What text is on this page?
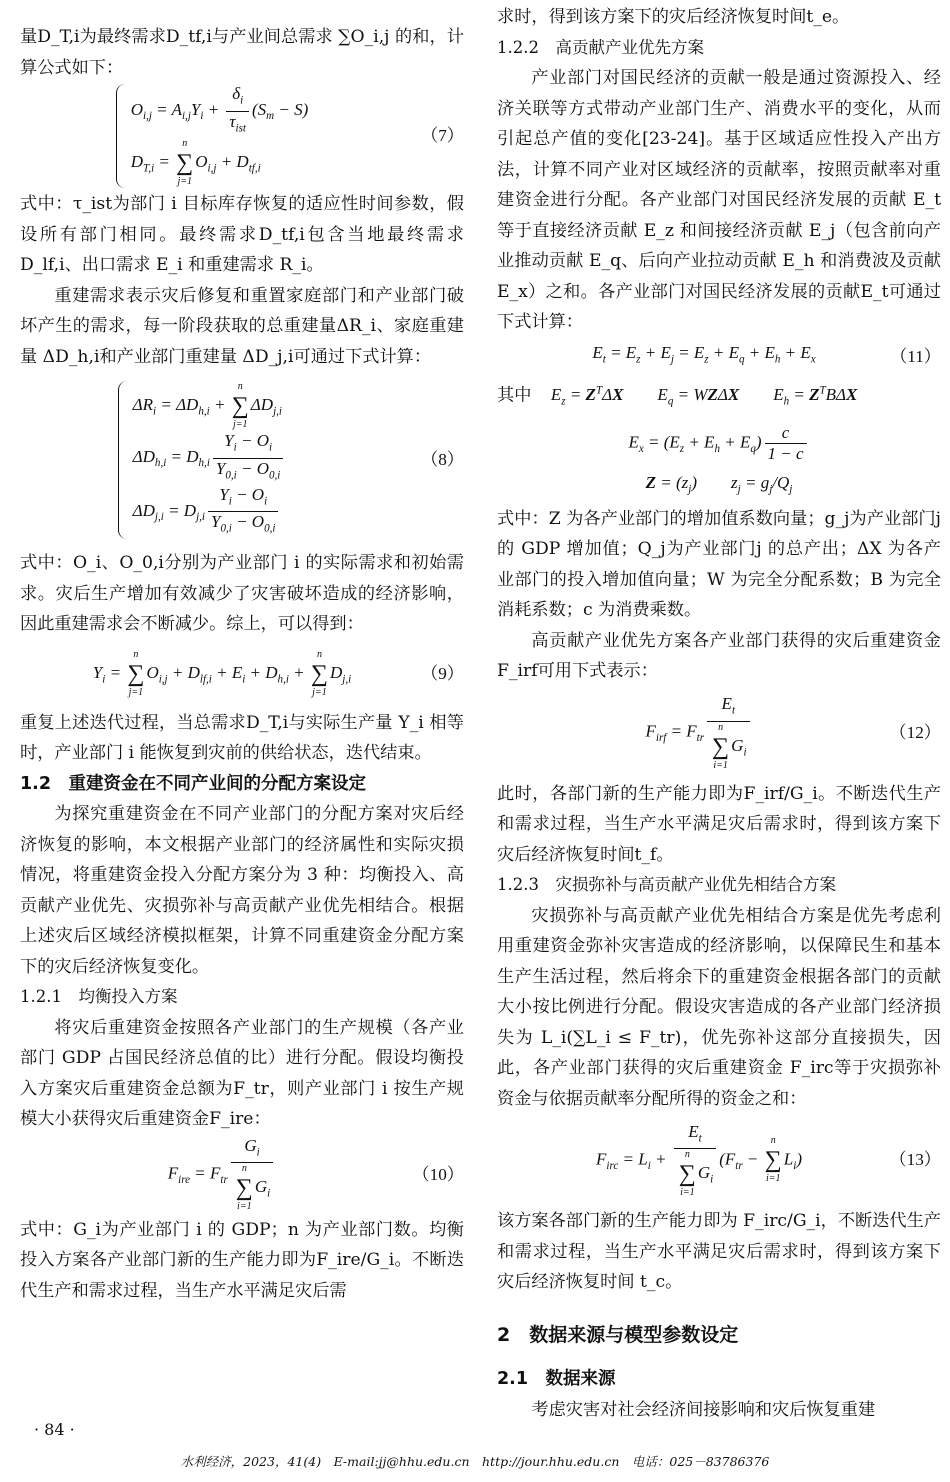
量D_T,i为最终需求D_tf,i与产业间总需求 ∑O_i,j 的和，计算公式如下：

$O_{i,j} = A_{i,j}Y_i + \frac{\delta_i}{\tau_{ist}} (S_m - S)$
$D_{T,i}$ =
n
∑
j=1
$O_{i,j} + D_{tf,i}$
（7）

式中：τ_ist为部门 i 目标库存恢复的适应性时间参数，假设所有部门相同。最终需求D_tf,i包含当地最终需求D_lf,i、出口需求 E_i 和重建需求 R_i。

重建需求表示灾后修复和重置家庭部门和产业部门破坏产生的需求，每一阶段获取的总重建量ΔR_i、家庭重建量 ΔD_h,i和产业部门重建量 ΔD_j,i可通过下式计算：

$\Delta R_i = \Delta D_{h,i}$ +
n
∑
j=1
$\Delta D_{j,i}$
$\Delta D_{h,i} = D_{h,i} \frac{Y_i - O_i}{Y_{0,i} - O_{0,i}}$
$\Delta D_{j,i} = D_{j,i} \frac{Y_i - O_i}{Y_{0,i} - O_{0,i}}$
（8）

式中：O_i、O_0,i分别为产业部门 i 的实际需求和初始需求。灾后生产增加有效减少了灾害破坏造成的经济影响，因此重建需求会不断减少。综上，可以得到：

$Y_i$ =
n
∑
j=1
$O_{i,j} + D_{lf,i} + E_i + D_{h,i}$ +
n
∑
j=1
$D_{j,i}$	（9）

重复上述迭代过程，当总需求D_T,i与实际生产量 Y_i 相等时，产业部门 i 能恢复到灾前的供给状态，迭代结束。

1.2　重建资金在不同产业间的分配方案设定

为探究重建资金在不同产业部门的分配方案对灾后经济恢复的影响，本文根据产业部门的经济属性和实际灾损情况，将重建资金投入分配方案分为 3 种：均衡投入、高贡献产业优先、灾损弥补与高贡献产业优先相结合。根据上述灾后区域经济模拟框架，计算不同重建资金分配方案下的灾后经济恢复变化。

1.2.1　均衡投入方案

将灾后重建资金按照各产业部门的生产规模（各产业部门 GDP 占国民经济总值的比）进行分配。假设均衡投入方案灾后重建资金总额为F_tr，则产业部门 i 按生产规模大小获得灾后重建资金F_ire：

$F_{ire} = F_{tr}$ $G_i$
n
∑
i=1
$G_i$	（10）

式中：G_i为产业部门 i 的 GDP；n 为产业部门数。均衡投入方案各产业部门新的生产能力即为F_ire/G_i。不断迭代生产和需求过程，当生产水平满足灾后需

求时，得到该方案下的灾后经济恢复时间t_e。

1.2.2　高贡献产业优先方案

产业部门对国民经济的贡献一般是通过资源投入、经济关联等方式带动产业部门生产、消费水平的变化，从而引起总产值的变化[23-24]。基于区域适应性投入产出方法，计算不同产业对区域经济的贡献率，按照贡献率对重建资金进行分配。各产业部门对国民经济发展的贡献 E_t 等于直接经济贡献 E_z 和间接经济贡献 E_j（包含前向产业推动贡献 E_q、后向产业拉动贡献 E_h 和消费波及贡献 E_x）之和。各产业部门对国民经济发展的贡献E_t可通过下式计算：

$E_t = E_z + E_j = E_z + E_q + E_h + E_x$	（11）
其中 $E_z = Z^T\Delta X$　　$E_q = WZ\Delta X$　　$E_h = Z^TB\Delta X$
$E_x = (E_z + E_h + E_q) \frac{c}{1 - c}$
$Z = (z_j)$　　$z_j = g_j/Q_j$

式中：Z 为各产业部门的增加值系数向量；g_j为产业部门j 的 GDP 增加值；Q_j为产业部门j 的总产出；ΔX 为各产业部门的投入增加值向量；W 为完全分配系数；B 为完全消耗系数；c 为消费乘数。

高贡献产业优先方案各产业部门获得的灾后重建资金F_irf可用下式表示：

$F_{irf} = F_{tr}$ $E_t$
n
∑
i=1
$G_i$	（12）

此时，各部门新的生产能力即为F_irf/G_i。不断迭代生产和需求过程，当生产水平满足灾后需求时，得到该方案下灾后经济恢复时间t_f。

1.2.3　灾损弥补与高贡献产业优先相结合方案

灾损弥补与高贡献产业优先相结合方案是优先考虑利用重建资金弥补灾害造成的经济影响，以保障民生和基本生产生活过程，然后将余下的重建资金根据各部门的贡献大小按比例进行分配。假设灾害造成的各产业部门经济损失为 L_i(∑L_i ≤ F_tr)，优先弥补这部分直接损失，因此，各产业部门获得的灾后重建资金 F_irc等于灾损弥补资金与依据贡献率分配所得的资金之和：

$F_{irc} = L_i + E_t$
n
∑
i=1
$G_i$ ($F_{tr}$ −
n
∑
i=1
$L_i$)	（13）

该方案各部门新的生产能力即为 F_irc/G_i，不断迭代生产和需求过程，当生产水平满足灾后需求时，得到该方案下灾后经济恢复时间 t_c。

2　数据来源与模型参数设定

2.1　数据来源

考虑灾害对社会经济间接影响和灾后恢复重建

· 84 ·
水利经济，2023，41(4)　E-mail:jj@hhu.edu.cn　http://jour.hhu.edu.cn　电话：025－83786376
